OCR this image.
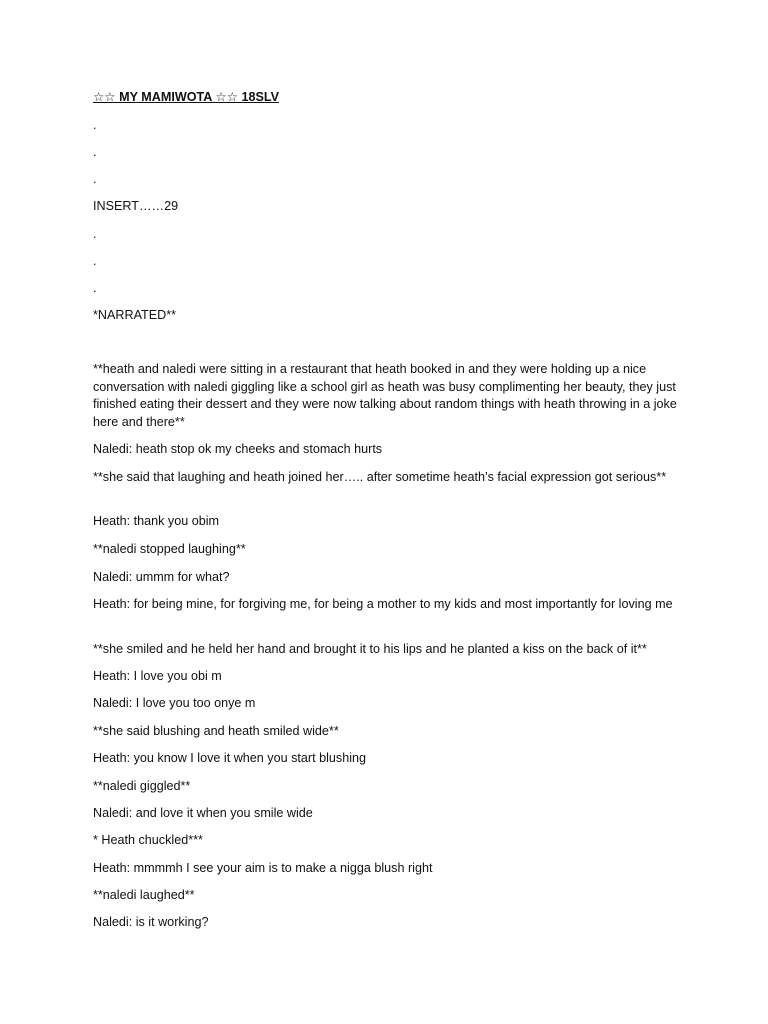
☆☆ MY MAMIWOTA ☆☆ 18SLV
.
.
.
INSERT……29
.
.
.
*NARRATED**
**heath and naledi were sitting in a restaurant that heath booked in and they were holding up a nice conversation with naledi giggling like a school girl as heath was busy complimenting her beauty, they just finished eating their dessert and they were now talking about random things with heath throwing in a joke here and there**
Naledi: heath stop ok my cheeks and stomach hurts
**she said that laughing and heath joined her….. after sometime heath’s facial expression got serious**
Heath: thank you obim
**naledi stopped laughing**
Naledi: ummm for what?
Heath: for being mine, for forgiving me, for being a mother to my kids and most importantly for loving me
**she smiled and he held her hand and brought it to his lips and he planted a kiss on the back of it**
Heath: I love you obi m
Naledi: I love you too onye m
**she said blushing and heath smiled wide**
Heath: you know I love it when you start blushing
**naledi giggled**
Naledi: and love it when you smile wide
* Heath chuckled***
Heath: mmmmh I see your aim is to make a nigga blush right
**naledi laughed**
Naledi: is it working?
